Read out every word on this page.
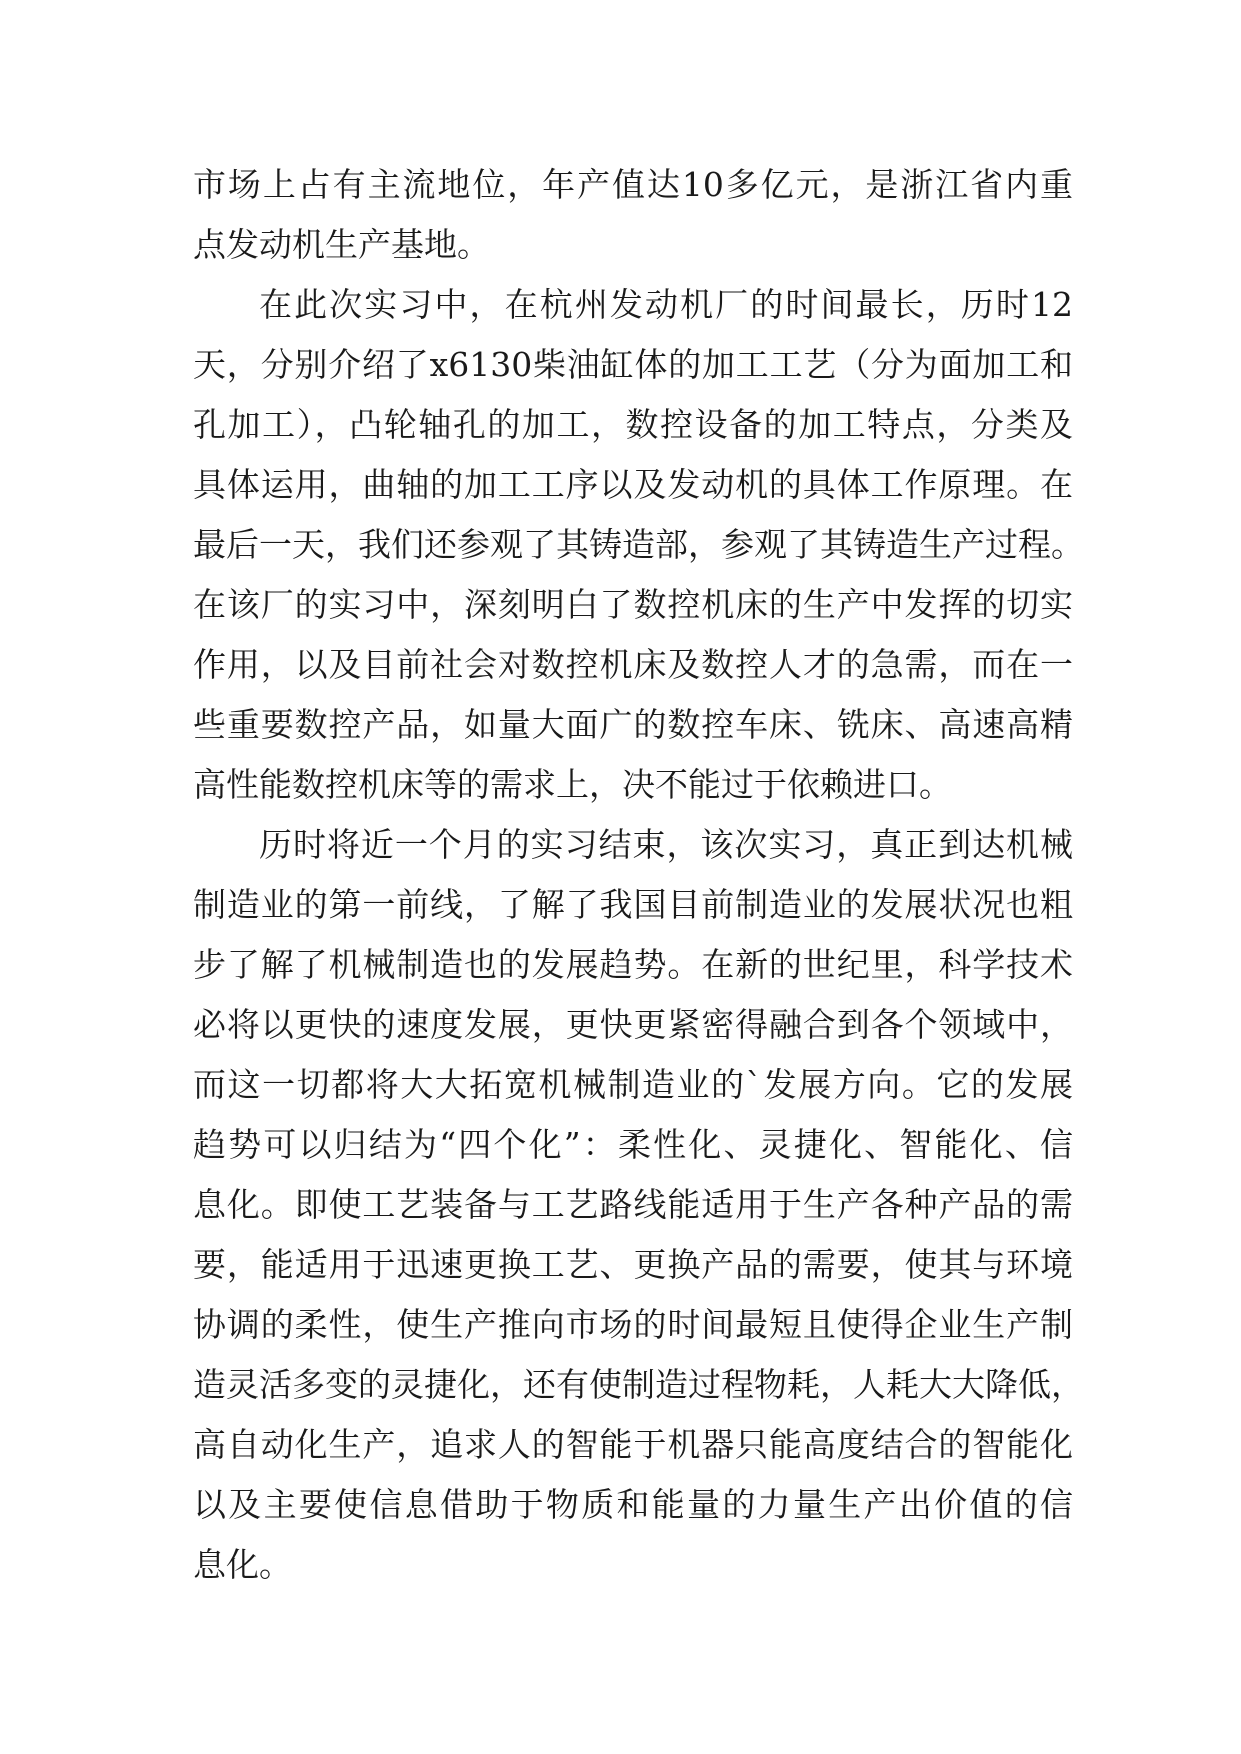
市场上占有主流地位，年产值达10多亿元，是浙江省内重
点发动机生产基地。
在此次实习中，在杭州发动机厂的时间最长，历时12
天，分别介绍了x6130柴油缸体的加工工艺（分为面加工和
孔加工），凸轮轴孔的加工，数控设备的加工特点，分类及
具体运用，曲轴的加工工序以及发动机的具体工作原理。在
最后一天，我们还参观了其铸造部，参观了其铸造生产过程。
在该厂的实习中，深刻明白了数控机床的生产中发挥的切实
作用，以及目前社会对数控机床及数控人才的急需，而在一
些重要数控产品，如量大面广的数控车床、铣床、高速高精
高性能数控机床等的需求上，决不能过于依赖进口。
历时将近一个月的实习结束，该次实习，真正到达机械
制造业的第一前线，了解了我国目前制造业的发展状况也粗
步了解了机械制造也的发展趋势。在新的世纪里，科学技术
必将以更快的速度发展，更快更紧密得融合到各个领域中，
而这一切都将大大拓宽机械制造业的`发展方向。它的发展
趋势可以归结为“四个化”：柔性化、灵捷化、智能化、信
息化。即使工艺装备与工艺路线能适用于生产各种产品的需
要，能适用于迅速更换工艺、更换产品的需要，使其与环境
协调的柔性，使生产推向市场的时间最短且使得企业生产制
造灵活多变的灵捷化，还有使制造过程物耗，人耗大大降低，
高自动化生产，追求人的智能于机器只能高度结合的智能化
以及主要使信息借助于物质和能量的力量生产出价值的信
息化。
